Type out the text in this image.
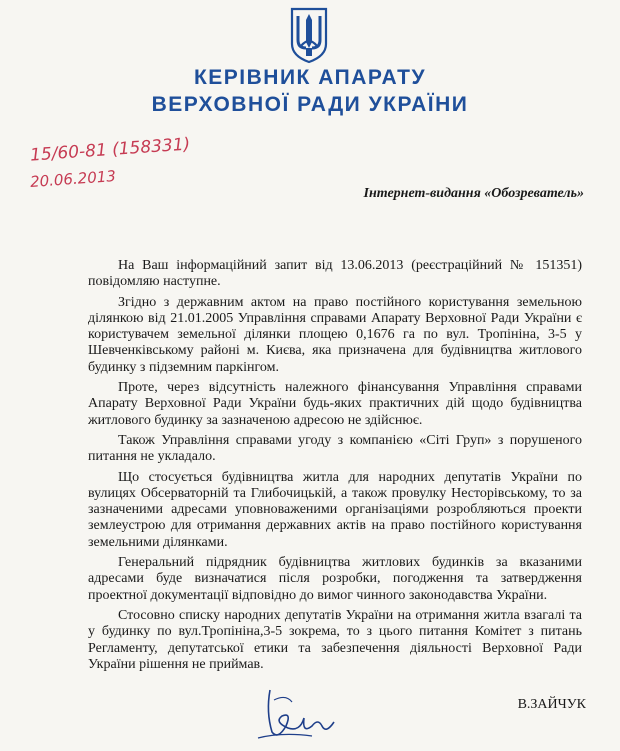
КЕРІВНИК АПАРАТУ
ВЕРХОВНОЇ РАДИ УКРАЇНИ
15/60-81 (158331)
20.06.2013
Інтернет-видання «Обозреватель»

На Ваш інформаційний запит від 13.06.2013 (реєстраційний № 151351) повідомляю наступне.

Згідно з державним актом на право постійного користування земельною ділянкою від 21.01.2005 Управління справами Апарату Верховної Ради України є користувачем земельної ділянки площею 0,1676 га по вул. Тропініна, 3-5 у Шевченківському районі м. Києва, яка призначена для будівництва житлового будинку з підземним паркінгом.

Проте, через відсутність належного фінансування Управління справами Апарату Верховної Ради України будь-яких практичних дій щодо будівництва житлового будинку за зазначеною адресою не здійснює.

Також Управління справами угоду з компанією «Сіті Груп» з порушеного питання не укладало.

Що стосується будівництва житла для народних депутатів України по вулицях Обсерваторній та Глибочицькій, а також провулку Несторівському, то за зазначеними адресами уповноваженими організаціями розробляються проекти землеустрою для отримання державних актів на право постійного користування земельними ділянками.

Генеральний підрядник будівництва житлових будинків за вказаними адресами буде визначатися після розробки, погодження та затвердження проектної документації відповідно до вимог чинного законодавства України.

Стосовно списку народних депутатів України на отримання житла взагалі та у будинку по вул.Тропініна,3-5 зокрема, то з цього питання Комітет з питань Регламенту, депутатської етики та забезпечення діяльності Верховної Ради України рішення не приймав.

В.ЗАЙЧУК
